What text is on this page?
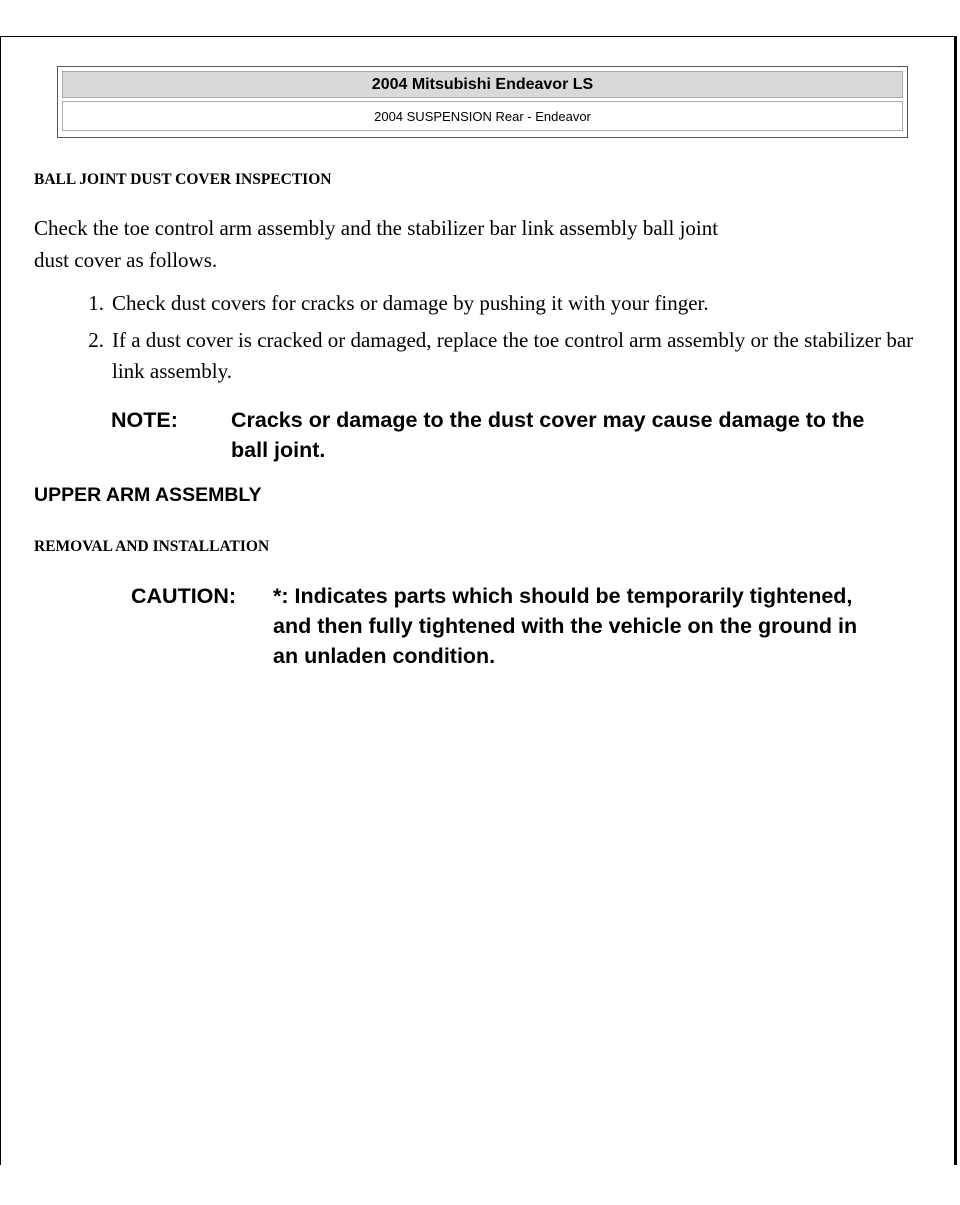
2004 Mitsubishi Endeavor LS
2004 SUSPENSION Rear - Endeavor
BALL JOINT DUST COVER INSPECTION

Check the toe control arm assembly and the stabilizer bar link assembly ball joint
dust cover as follows.

1. Check dust covers for cracks or damage by pushing it with your finger.
2. If a dust cover is cracked or damaged, replace the toe control arm assembly or the stabilizer bar link assembly.
NOTE:	Cracks or damage to the dust cover may cause damage to the ball joint.
UPPER ARM ASSEMBLY
REMOVAL AND INSTALLATION
CAUTION:	*: Indicates parts which should be temporarily tightened, and then fully tightened with the vehicle on the ground in an unladen condition.
